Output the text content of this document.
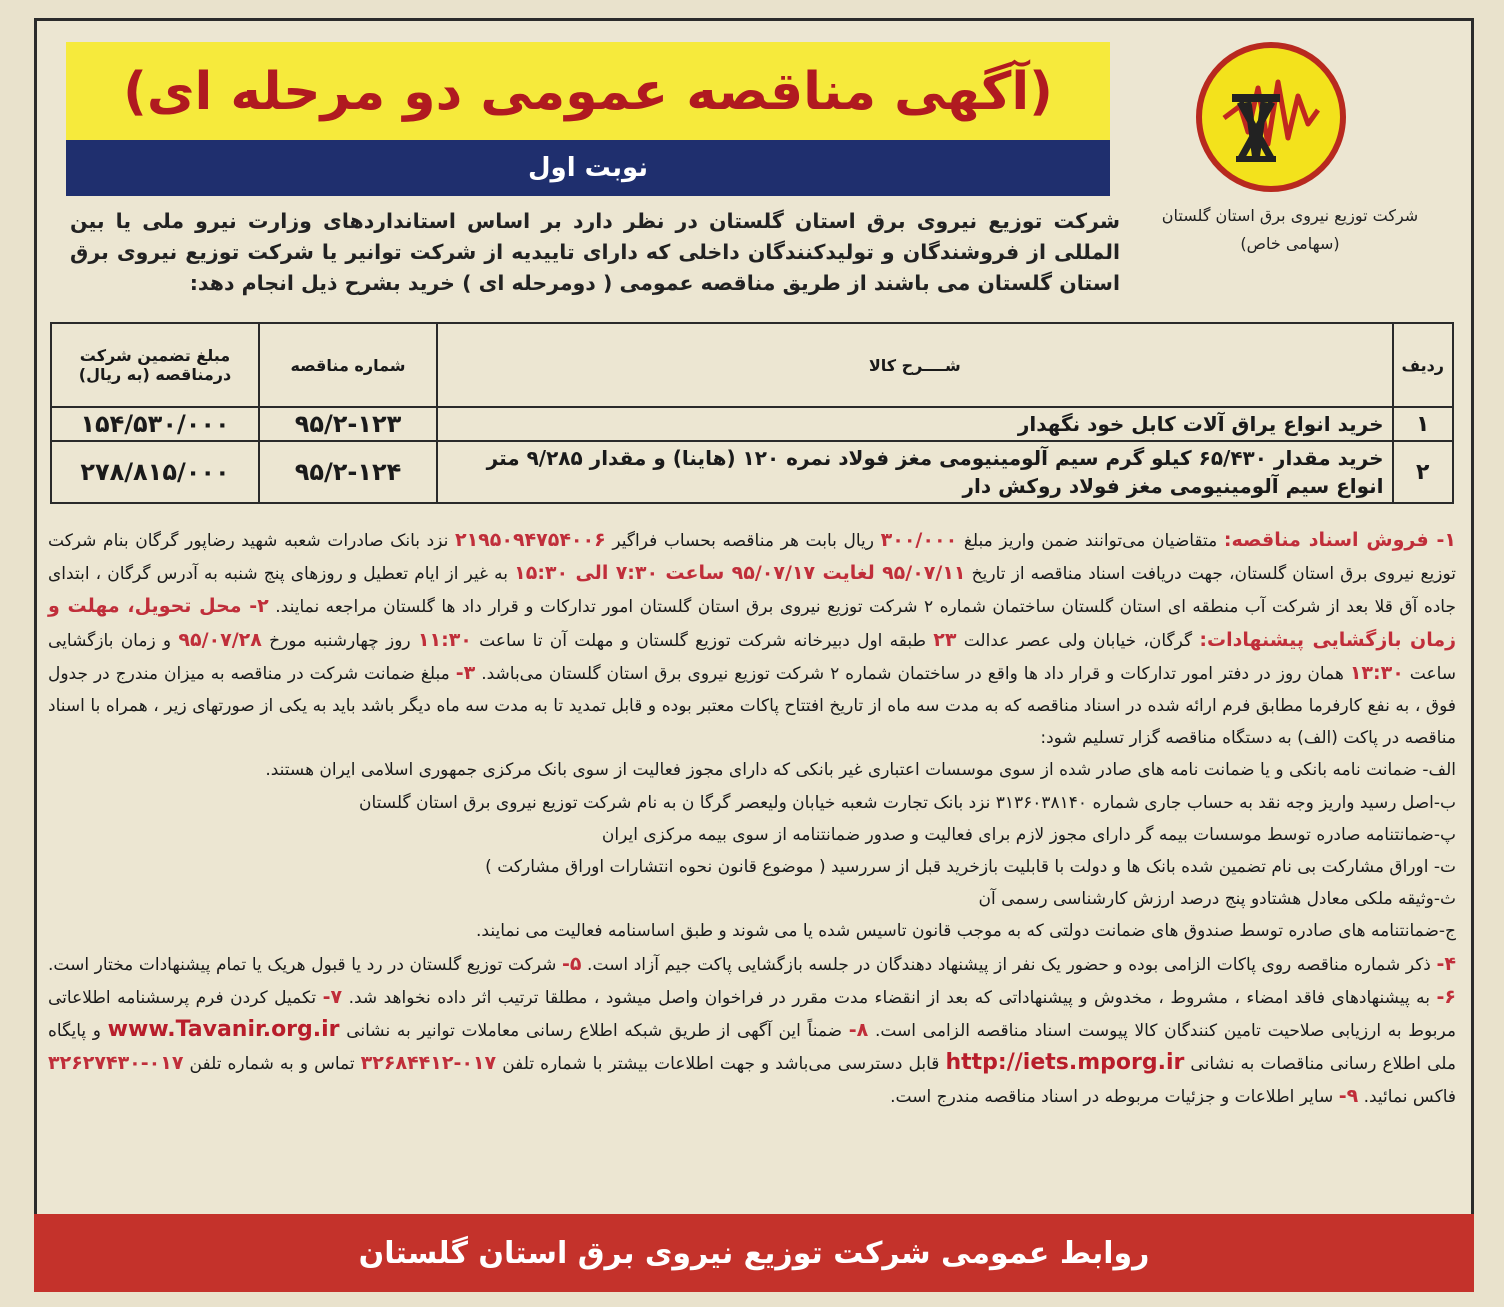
شرکت توزیع نیروی برق استان گلستان
(سهامی خاص)
(آگهی مناقصه عمومی دو مرحله ای)
نوبت اول
شرکت توزیع نیروی برق استان گلستان در نظر دارد بر اساس استانداردهای وزارت نیرو ملی یا بین المللی از فروشندگان و تولیدکنندگان داخلی که دارای تاییدیه از شرکت توانیر یا شرکت توزیع نیروی برق استان گلستان می باشند از طریق مناقصه عمومی ( دومرحله ای ) خرید بشرح ذیل انجام دهد:
ردیف	شــــرح کالا	شماره مناقصه	مبلغ تضمین شرکت درمناقصه (به ریال)
۱	خرید انواع یراق آلات کابل خود نگهدار	۹۵/۲-۱۲۳	۱۵۴/۵۳۰/۰۰۰
۲	خرید مقدار ۶۵/۴۳۰ کیلو گرم سیم آلومینیومی مغز فولاد نمره ۱۲۰ (هاینا) و مقدار ۹/۲۸۵ متر انواع سیم آلومینیومی مغز فولاد روکش دار	۹۵/۲-۱۲۴	۲۷۸/۸۱۵/۰۰۰

۱- فروش اسناد مناقصه: متقاضیان می‌توانند ضمن واریز مبلغ ۳۰۰/۰۰۰ ریال بابت هر مناقصه بحساب فراگیر ۲۱۹۵۰۹۴۷۵۴۰۰۶ نزد بانک صادرات شعبه شهید رضاپور گرگان بنام شرکت توزیع نیروی برق استان گلستان، جهت دریافت اسناد مناقصه از تاریخ ۹۵/۰۷/۱۱ لغایت ۹۵/۰۷/۱۷ ساعت ۷:۳۰ الی ۱۵:۳۰ به غیر از ایام تعطیل و روزهای پنج شنبه به آدرس گرگان ، ابتدای جاده آق قلا بعد از شرکت آب منطقه ای استان گلستان ساختمان شماره ۲ شرکت توزیع نیروی برق استان گلستان امور تدارکات و قرار داد ها گلستان مراجعه نمایند. ۲- محل تحویل، مهلت و زمان بازگشایی پیشنهادات: گرگان، خیابان ولی عصر عدالت ۲۳ طبقه اول دبیرخانه شرکت توزیع گلستان و مهلت آن تا ساعت ۱۱:۳۰ روز چهارشنبه مورخ ۹۵/۰۷/۲۸ و زمان بازگشایی ساعت ۱۳:۳۰ همان روز در دفتر امور تدارکات و قرار داد ها واقع در ساختمان شماره ۲ شرکت توزیع نیروی برق استان گلستان می‌باشد. ۳- مبلغ ضمانت شرکت در مناقصه به میزان مندرج در جدول فوق ، به نفع کارفرما مطابق فرم ارائه شده در اسناد مناقصه که به مدت سه ماه از تاریخ افتتاح پاکات معتبر بوده و قابل تمدید تا به مدت سه ماه دیگر باشد باید به یکی از صورتهای زیر ، همراه با اسناد مناقصه در پاکت (الف) به دستگاه مناقصه گزار تسلیم شود:

الف- ضمانت نامه بانکی و یا ضمانت نامه های صادر شده از سوی موسسات اعتباری غیر بانکی که دارای مجوز فعالیت از سوی بانک مرکزی جمهوری اسلامی ایران هستند.

ب-اصل رسید واریز وجه نقد به حساب جاری شماره ۳۱۳۶۰۳۸۱۴۰ نزد بانک تجارت شعبه خیابان ولیعصر گرگا ن به نام شرکت توزیع نیروی برق استان گلستان

پ-ضمانتنامه صادره توسط موسسات بیمه گر دارای مجوز لازم برای فعالیت و صدور ضمانتنامه از سوی بیمه مرکزی ایران

ت- اوراق مشارکت بی نام تضمین شده بانک ها و دولت با قابلیت بازخرید قبل از سررسید ( موضوع قانون نحوه انتشارات اوراق مشارکت )

ث-وثیقه ملکی معادل هشتادو پنج درصد ارزش کارشناسی رسمی آن

ج-ضمانتنامه های صادره توسط صندوق های ضمانت دولتی که به موجب قانون تاسیس شده یا می شوند و طبق اساسنامه فعالیت می نمایند.

۴- ذکر شماره مناقصه روی پاکات الزامی بوده و حضور یک نفر از پیشنهاد دهندگان در جلسه بازگشایی پاکت جیم آزاد است. ۵- شرکت توزیع گلستان در رد یا قبول هریک یا تمام پیشنهادات مختار است. ۶- به پیشنهادهای فاقد امضاء ، مشروط ، مخدوش و پیشنهاداتی که بعد از انقضاء مدت مقرر در فراخوان واصل میشود ، مطلقا ترتیب اثر داده نخواهد شد. ۷- تکمیل کردن فرم پرسشنامه اطلاعاتی مربوط به ارزیابی صلاحیت تامین کنندگان کالا پیوست اسناد مناقصه الزامی است. ۸- ضمناً این آگهی از طریق شبکه اطلاع رسانی معاملات توانیر به نشانی www.Tavanir.org.ir و پایگاه ملی اطلاع رسانی مناقصات به نشانی http://iets.mporg.ir قابل دسترسی می‌باشد و جهت اطلاعات بیشتر با شماره تلفن ۰۱۷-۳۲۶۸۴۴۱۲ تماس و به شماره تلفن ۰۱۷-۳۲۶۲۷۴۳۰ فاکس نمائید. ۹- سایر اطلاعات و جزئیات مربوطه در اسناد مناقصه مندرج است.

روابط عمومی شرکت توزیع نیروی برق استان گلستان
